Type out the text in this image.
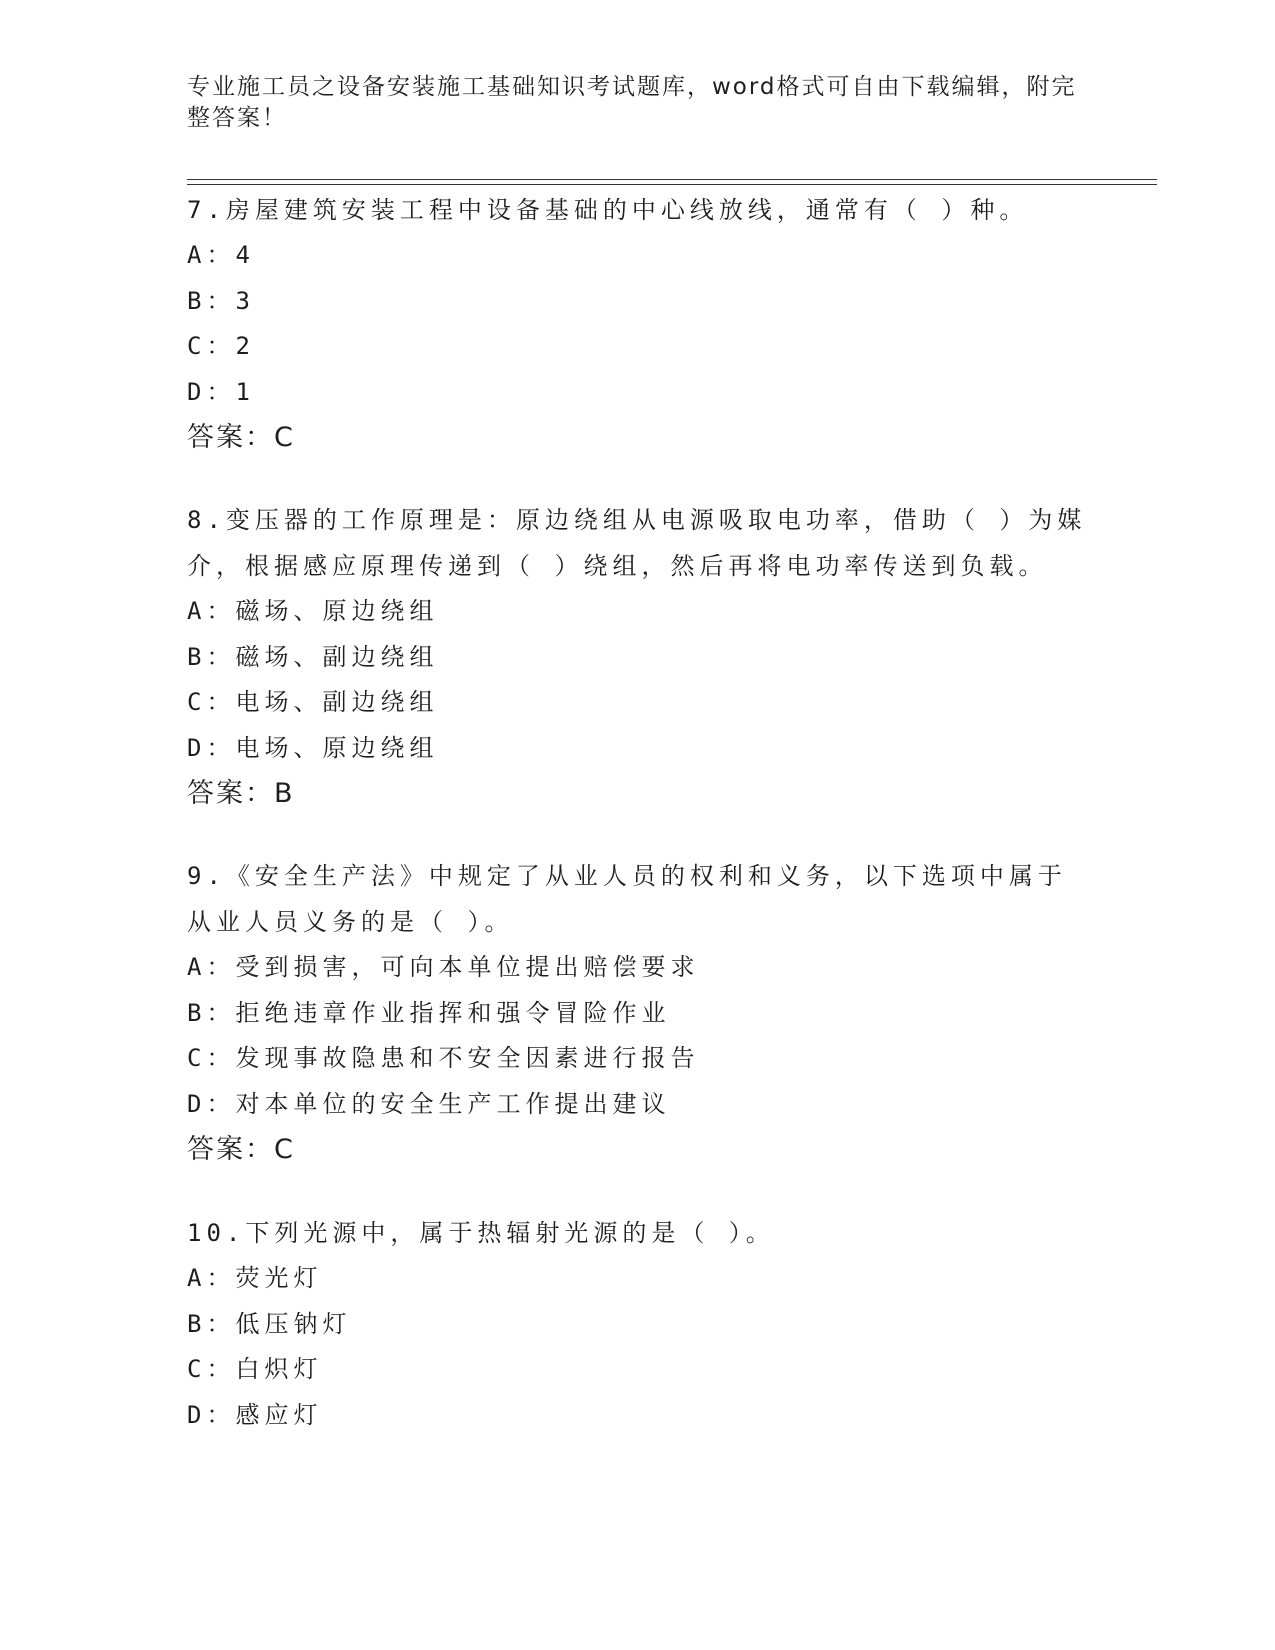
专业施工员之设备安装施工基础知识考试题库，word格式可自由下载编辑，附完
整答案！

7.房屋建筑安装工程中设备基础的中心线放线，通常有（ ）种。

A：4

B：3

C：2

D：1

答案：C

8.变压器的工作原理是：原边绕组从电源吸取电功率，借助（ ）为媒

介，根据感应原理传递到（ ）绕组，然后再将电功率传送到负载。

A：磁场、原边绕组

B：磁场、副边绕组

C：电场、副边绕组

D：电场、原边绕组

答案：B

9.《安全生产法》中规定了从业人员的权利和义务，以下选项中属于

从业人员义务的是（ ）。

A：受到损害，可向本单位提出赔偿要求

B：拒绝违章作业指挥和强令冒险作业

C：发现事故隐患和不安全因素进行报告

D：对本单位的安全生产工作提出建议

答案：C

10.下列光源中，属于热辐射光源的是（ ）。

A：荧光灯

B：低压钠灯

C：白炽灯

D：感应灯
